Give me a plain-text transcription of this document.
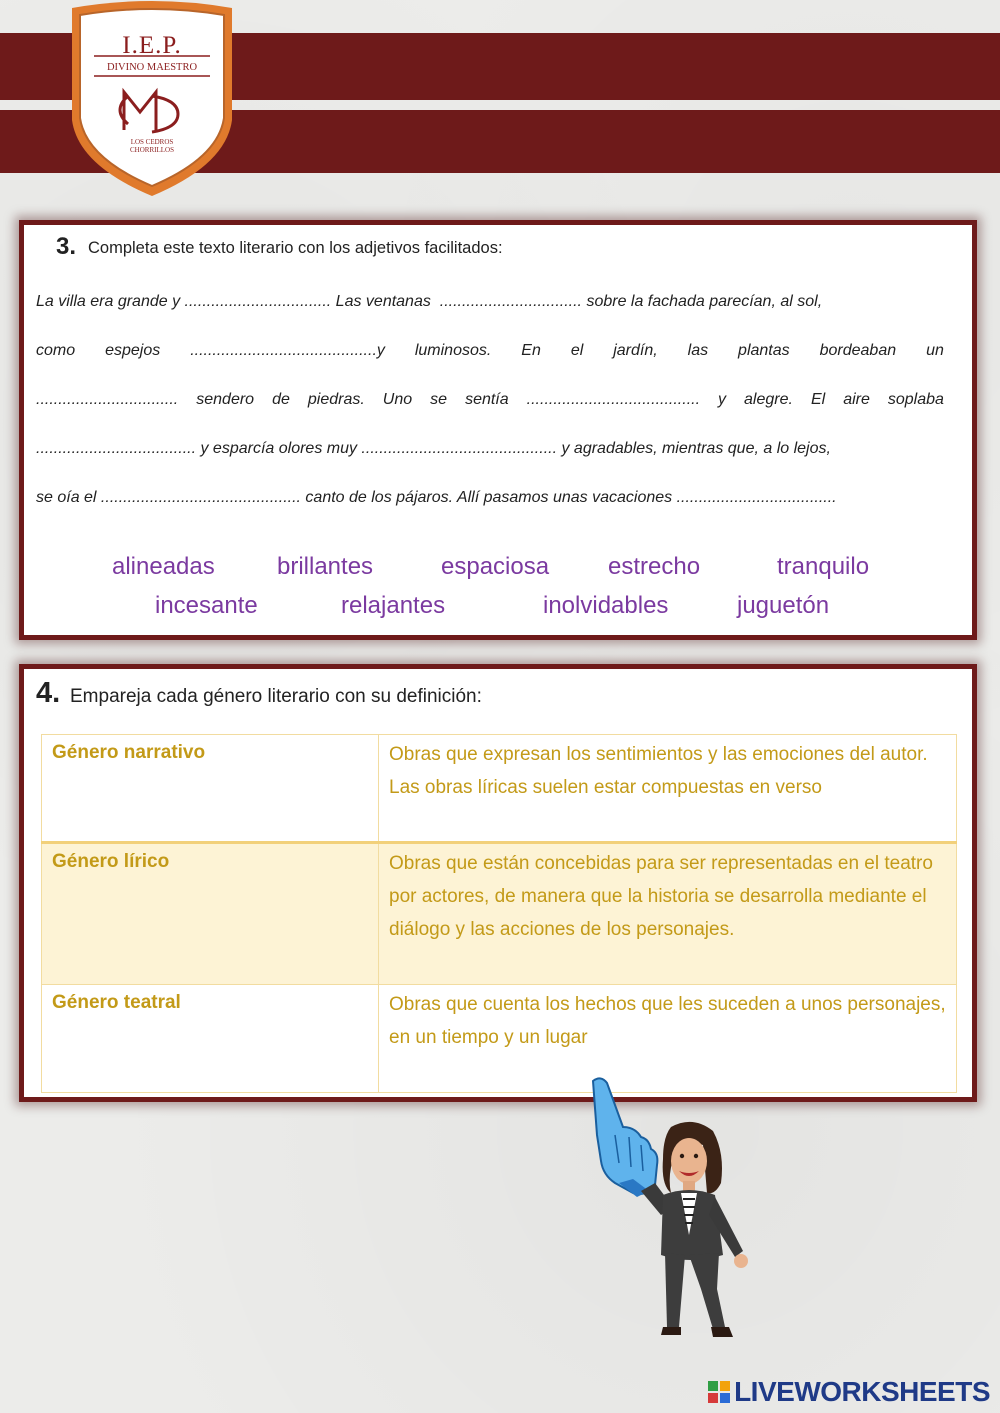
I.E.P.
DIVINO MAESTRO
LOS CEDROS
CHORRILLOS
3. Completa este texto literario con los adjetivos facilitados:
La villa era grande y ................................. Las ventanas  ................................ sobre la fachada parecían, al sol,
como espejos ..........................................y luminosos. En el jardín, las plantas bordeaban un
................................ sendero de piedras. Uno se sentía ....................................... y alegre. El aire soplaba
.................................... y esparcía olores muy ............................................ y agradables, mientras que, a lo lejos,
se oía el ............................................. canto de los pájaros. Allí pasamos unas vacaciones ....................................
alineadas	brillantes	espaciosa estrecho	tranquilo
incesante	relajantes	inolvidables	juguetón
4. Empareja cada género literario con su definición:
Género narrativo	Obras que expresan los sentimientos y las emociones del autor.
Las obras líricas suelen estar compuestas en verso

Género lírico	Obras que están concebidas para ser representadas en el teatro
por actores, de manera que la historia se desarrolla mediante el
diálogo y las acciones de los personajes.

Género teatral	Obras que cuenta los hechos que les suceden a unos personajes,
en un tiempo y un lugar
LIVEWORKSHEETS
